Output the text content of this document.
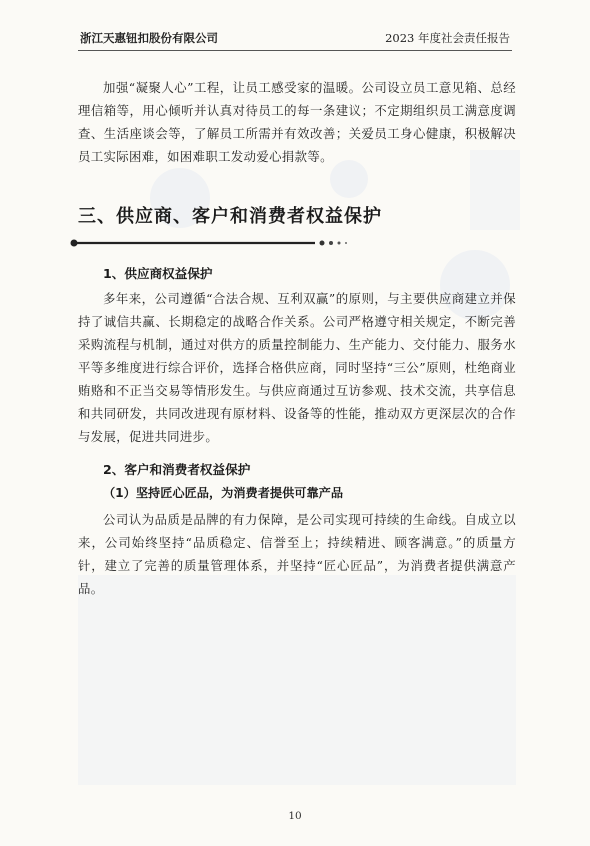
浙江天惠钮扣股份有限公司	2023 年度社会责任报告

加强“凝聚人心”工程，让员工感受家的温暖。公司设立员工意见箱、总经理信箱等，用心倾听并认真对待员工的每一条建议；不定期组织员工满意度调查、生活座谈会等，了解员工所需并有效改善；关爱员工身心健康，积极解决员工实际困难，如困难职工发动爱心捐款等。

三、供应商、客户和消费者权益保护
1、供应商权益保护

多年来，公司遵循“合法合规、互利双赢”的原则，与主要供应商建立并保持了诚信共赢、长期稳定的战略合作关系。公司严格遵守相关规定，不断完善采购流程与机制，通过对供方的质量控制能力、生产能力、交付能力、服务水平等多维度进行综合评价，选择合格供应商，同时坚持“三公”原则，杜绝商业贿赂和不正当交易等情形发生。与供应商通过互访参观、技术交流，共享信息和共同研发，共同改进现有原材料、设备等的性能，推动双方更深层次的合作与发展，促进共同进步。

2、客户和消费者权益保护
（1）坚持匠心匠品，为消费者提供可靠产品

公司认为品质是品牌的有力保障，是公司实现可持续的生命线。自成立以来，公司始终坚持“品质稳定、信誉至上；持续精进、顾客满意。”的质量方针，建立了完善的质量管理体系，并坚持“匠心匠品”，为消费者提供满意产品。

10
